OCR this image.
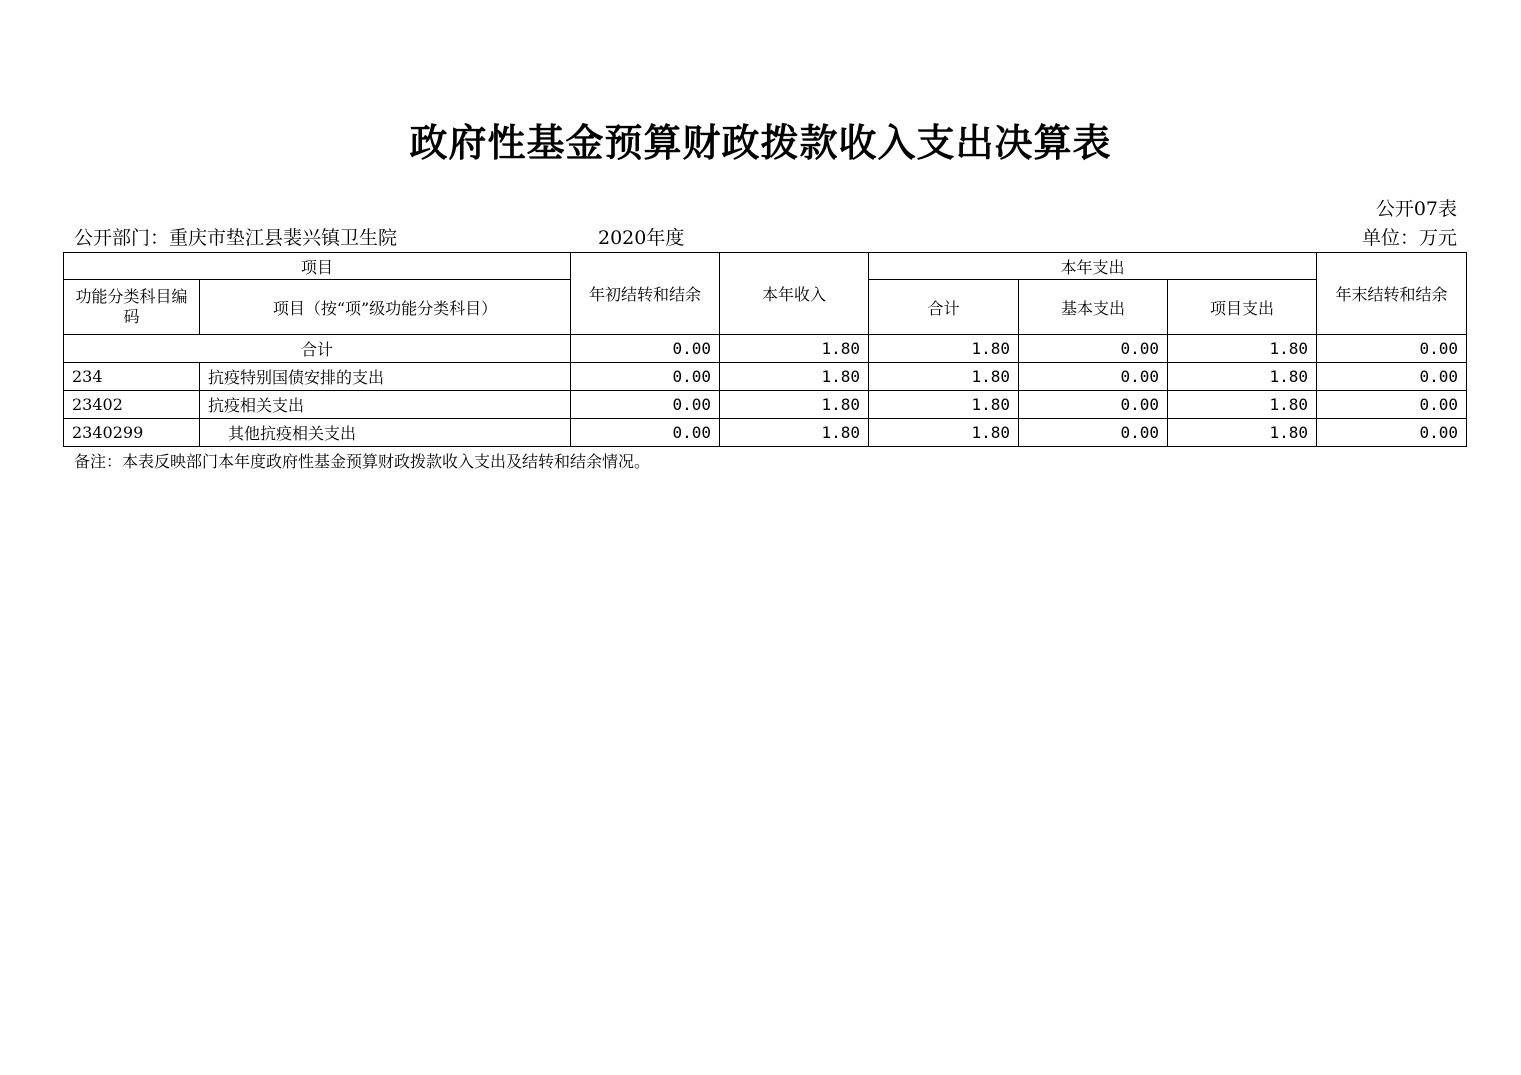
政府性基金预算财政拨款收入支出决算表
公开07表
公开部门：重庆市垫江县裴兴镇卫生院	2020年度	单位：万元
项目		年初结转和结余	本年收入	本年支出			年末结转和结余
功能分类科目编码	项目（按“项”级功能分类科目）			合计	基本支出	项目支出	
合计		0.00	1.80	1.80	0.00	1.80	0.00
234	抗疫特别国债安排的支出	0.00	1.80	1.80	0.00	1.80	0.00
23402	抗疫相关支出	0.00	1.80	1.80	0.00	1.80	0.00
2340299	其他抗疫相关支出	0.00	1.80	1.80	0.00	1.80	0.00
备注：本表反映部门本年度政府性基金预算财政拨款收入支出及结转和结余情况。
